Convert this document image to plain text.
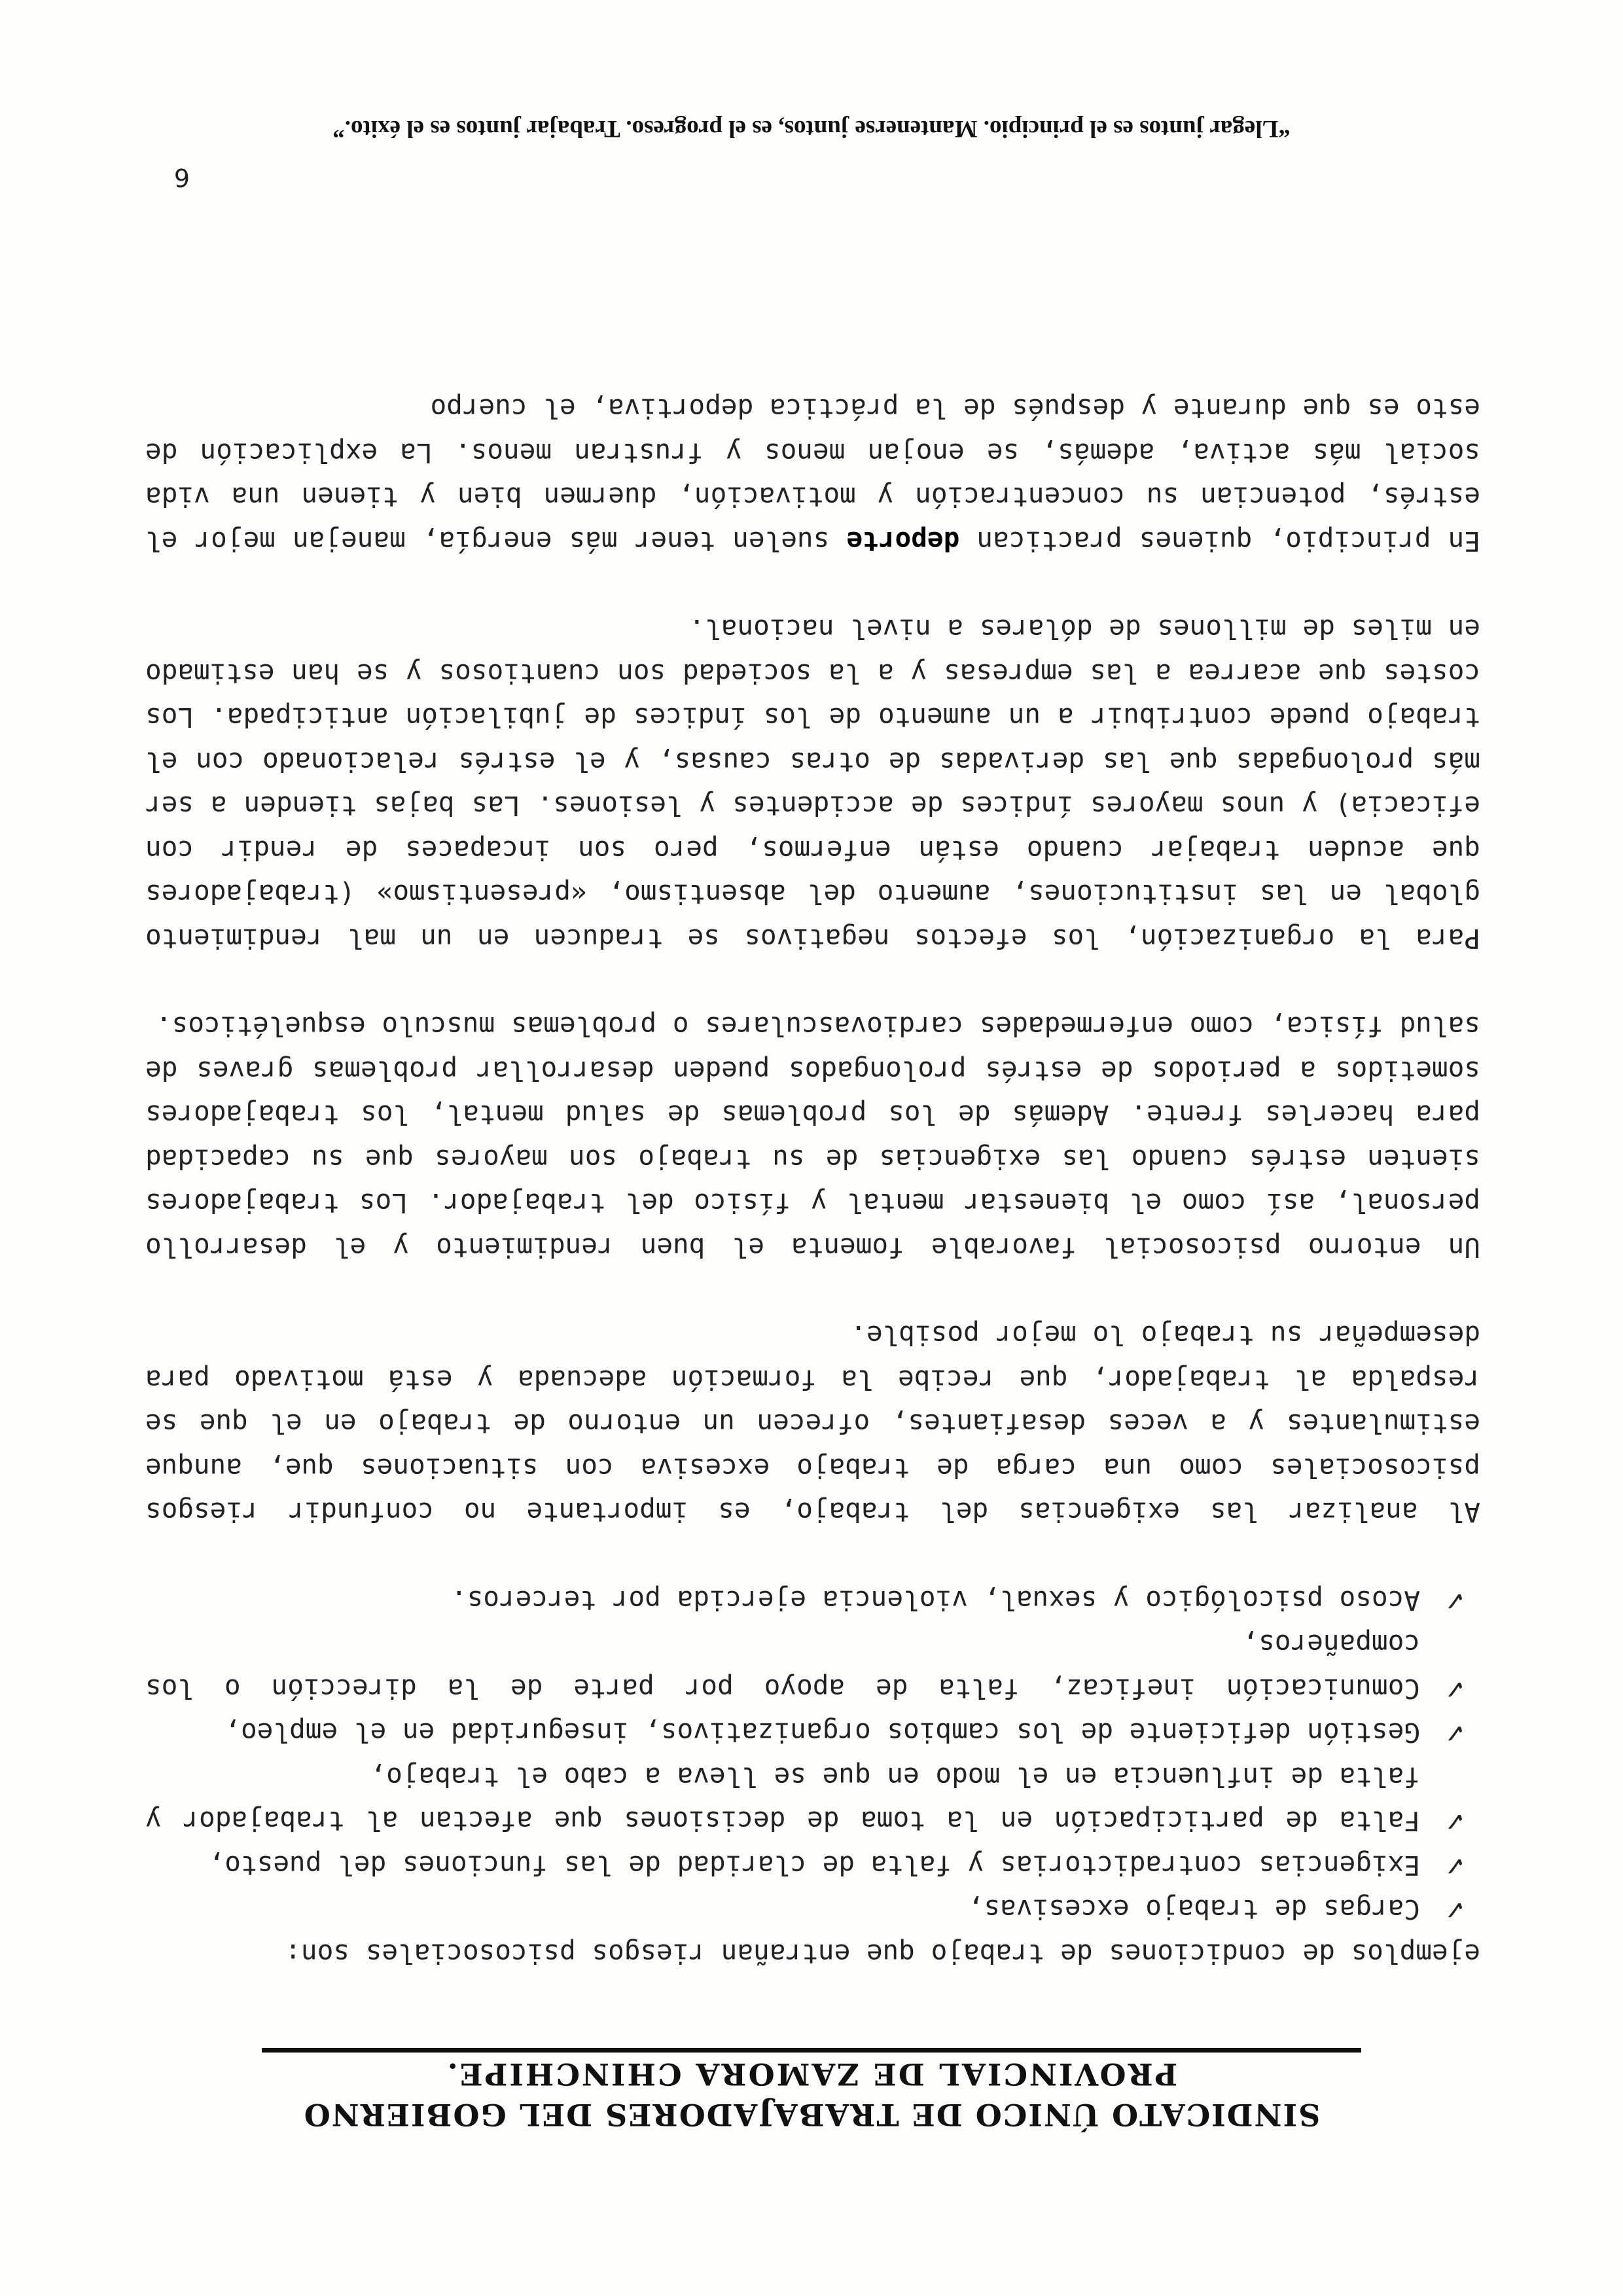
SINDICATO ÚNICO DE TRABAJADORES DEL GOBIERNO
PROVINCIAL DE ZAMORA CHINCHIPE.

ejemplos de condiciones de trabajo que entrañan riesgos psicosociales son:

✓
Cargas de trabajo excesivas,
✓
Exigencias contradictorias y falta de claridad de las funciones del puesto,
✓
Falta de participación en la toma de decisiones que afectan al trabajador y falta de influencia en el modo en que se lleva a cabo el trabajo,
✓
Gestión deficiente de los cambios organizativos, inseguridad en el empleo,
✓
Comunicación ineficaz, falta de apoyo por parte de la dirección o los compañeros,
✓
Acoso psicológico y sexual, violencia ejercida por terceros.

Al analizar las exigencias del trabajo, es importante no confundir riesgos psicosociales como una carga de trabajo excesiva con situaciones que, aunque estimulantes y a veces desafiantes, ofrecen un entorno de trabajo en el que se respalda al trabajador, que recibe la formación adecuada y está motivado para desempeñar su trabajo lo mejor posible.

Un entorno psicosocial favorable fomenta el buen rendimiento y el desarrollo personal, así como el bienestar mental y físico del trabajador. Los trabajadores sienten estrés cuando las exigencias de su trabajo son mayores que su capacidad para hacerles frente. Además de los problemas de salud mental, los trabajadores sometidos a periodos de estrés prolongados pueden desarrollar problemas graves de salud física, como enfermedades cardiovasculares o problemas musculo esqueléticos.

Para la organización, los efectos negativos se traducen en un mal rendimiento global en las instituciones, aumento del absentismo, «presentismo» (trabajadores que acuden trabajar cuando están enfermos, pero son incapaces de rendir con eficacia) y unos mayores índices de accidentes y lesiones. Las bajas tienden a ser más prolongadas que las derivadas de otras causas, y el estrés relacionado con el trabajo puede contribuir a un aumento de los índices de jubilación anticipada. Los costes que acarrea a las empresas y a la sociedad son cuantiosos y se han estimado en miles de millones de dólares a nivel nacional.

En principio, quienes practican deporte suelen tener más energía, manejan mejor el estrés, potencian su concentración y motivación, duermen bien y tienen una vida social más activa, además, se enojan menos y frustran menos. La explicación de esto es que durante y después de la práctica deportiva, el cuerpo

6
“Llegar juntos es el principio. Mantenerse juntos, es el progreso. Trabajar juntos es el éxito.”
